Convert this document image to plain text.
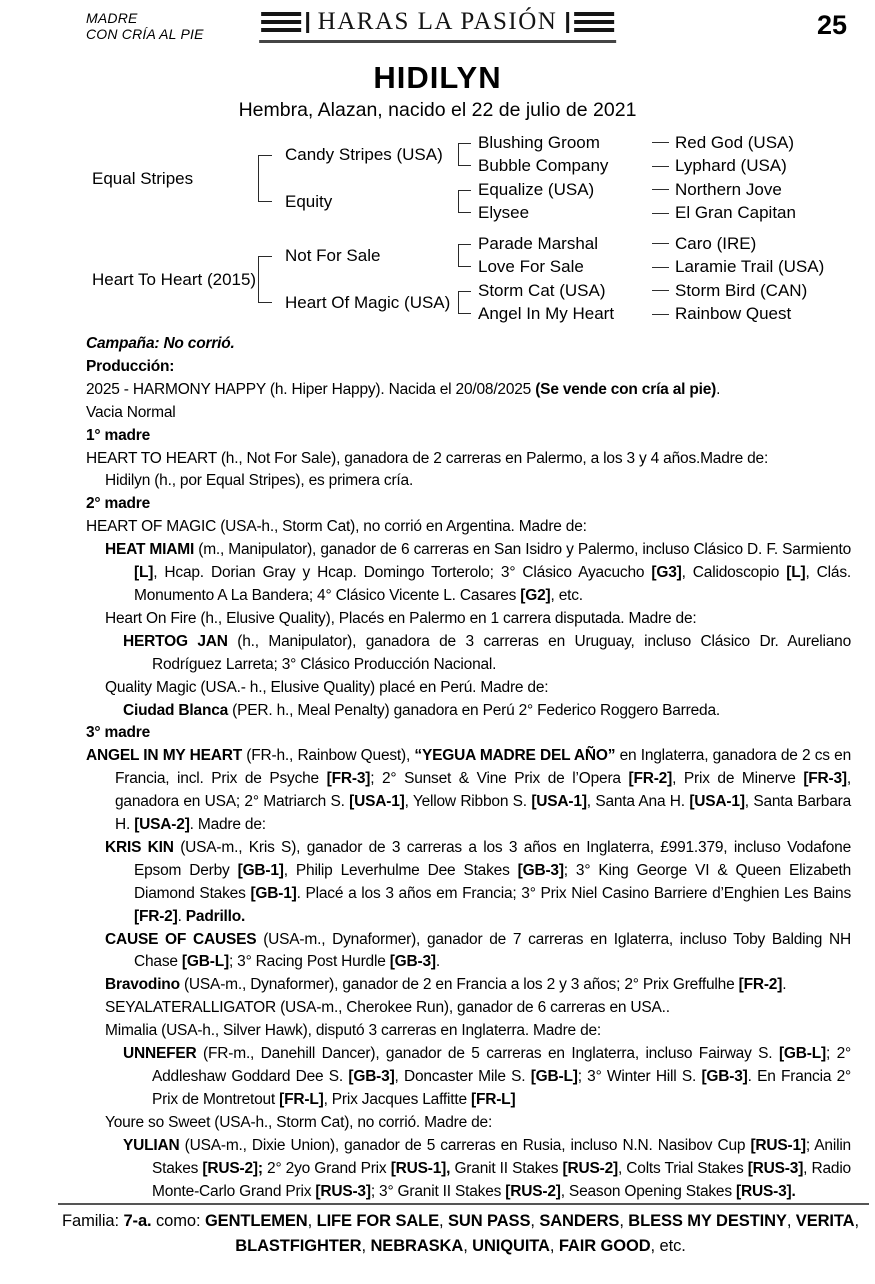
MADRE
CON CRÍA AL PIE	HARAS LA PASIÓN	25
HIDILYN
Hembra, Alazan, nacido el 22 de julio de 2021
Equal Stripes
Candy Stripes (USA)
Blushing Groom	Red God (USA)
Bubble Company	Lyphard (USA)
Equity
Equalize (USA)	Northern Jove
Elysee	El Gran Capitan
Heart To Heart (2015)
Not For Sale
Parade Marshal	Caro (IRE)
Love For Sale	Laramie Trail (USA)
Heart Of Magic (USA)
Storm Cat (USA)	Storm Bird (CAN)
Angel In My Heart	Rainbow Quest

Campaña: No corrió.

Producción:

2025 - HARMONY HAPPY (h. Hiper Happy). Nacida el 20/08/2025 (Se vende con cría al pie).

Vacia Normal

1° madre

HEART TO HEART (h., Not For Sale), ganadora de 2 carreras en Palermo, a los 3 y 4 años.Madre de:

Hidilyn (h., por Equal Stripes), es primera cría.

2° madre

HEART OF MAGIC (USA-h., Storm Cat), no corrió en Argentina. Madre de:

HEAT MIAMI (m., Manipulator), ganador de 6 carreras en San Isidro y Palermo, incluso Clásico D. F. Sarmiento [L], Hcap. Dorian Gray y Hcap. Domingo Torterolo; 3° Clásico Ayacucho [G3], Calidoscopio [L], Clás. Monumento A La Bandera; 4° Clásico Vicente L. Casares [G2], etc.

Heart On Fire (h., Elusive Quality), Placés en Palermo en 1 carrera disputada. Madre de:

HERTOG JAN (h., Manipulator), ganadora de 3 carreras en Uruguay, incluso Clásico Dr. Aureliano Rodríguez Larreta; 3° Clásico Producción Nacional.

Quality Magic (USA.- h., Elusive Quality) placé en Perú. Madre de:

Ciudad Blanca (PER. h., Meal Penalty) ganadora en Perú 2° Federico Roggero Barreda.

3° madre

ANGEL IN MY HEART (FR-h., Rainbow Quest), “YEGUA MADRE DEL AÑO” en Inglaterra, ganadora de 2 cs en Francia, incl. Prix de Psyche [FR-3]; 2° Sunset & Vine Prix de l’Opera [FR-2], Prix de Minerve [FR-3], ganadora en USA; 2° Matriarch S. [USA-1], Yellow Ribbon S. [USA-1], Santa Ana H. [USA-1], Santa Barbara H. [USA-2]. Madre de:

KRIS KIN (USA-m., Kris S), ganador de 3 carreras a los 3 años en Inglaterra, £991.379, incluso Vodafone Epsom Derby [GB-1], Philip Leverhulme Dee Stakes [GB-3]; 3° King George VI & Queen Elizabeth Diamond Stakes [GB-1]. Placé a los 3 años em Francia; 3° Prix Niel Casino Barriere d’Enghien Les Bains [FR-2]. Padrillo.

CAUSE OF CAUSES (USA-m., Dynaformer), ganador de 7 carreras en Iglaterra, incluso Toby Balding NH Chase [GB-L]; 3° Racing Post Hurdle [GB-3].

Bravodino (USA-m., Dynaformer), ganador de 2 en Francia a los 2 y 3 años; 2° Prix Greffulhe [FR-2].

SEYALATERALLIGATOR (USA-m., Cherokee Run), ganador de 6 carreras en USA..

Mimalia (USA-h., Silver Hawk), disputó 3 carreras en Inglaterra. Madre de:

UNNEFER (FR-m., Danehill Dancer), ganador de 5 carreras en Inglaterra, incluso Fairway S. [GB-L]; 2° Addleshaw Goddard Dee S. [GB-3], Doncaster Mile S. [GB-L]; 3° Winter Hill S. [GB-3]. En Francia 2° Prix de Montretout [FR-L], Prix Jacques Laffitte [FR-L]

Youre so Sweet (USA-h., Storm Cat), no corrió. Madre de:

YULIAN (USA-m., Dixie Union), ganador de 5 carreras en Rusia, incluso N.N. Nasibov Cup [RUS-1]; Anilin Stakes [RUS-2]; 2° 2yo Grand Prix [RUS-1], Granit II Stakes [RUS-2], Colts Trial Stakes [RUS-3], Radio Monte-Carlo Grand Prix [RUS-3]; 3° Granit II Stakes [RUS-2], Season Opening Stakes [RUS-3].

Familia: 7-a. como: GENTLEMEN, LIFE FOR SALE, SUN PASS, SANDERS, BLESS MY DESTINY, VERITA, BLASTFIGHTER, NEBRASKA, UNIQUITA, FAIR GOOD, etc.
